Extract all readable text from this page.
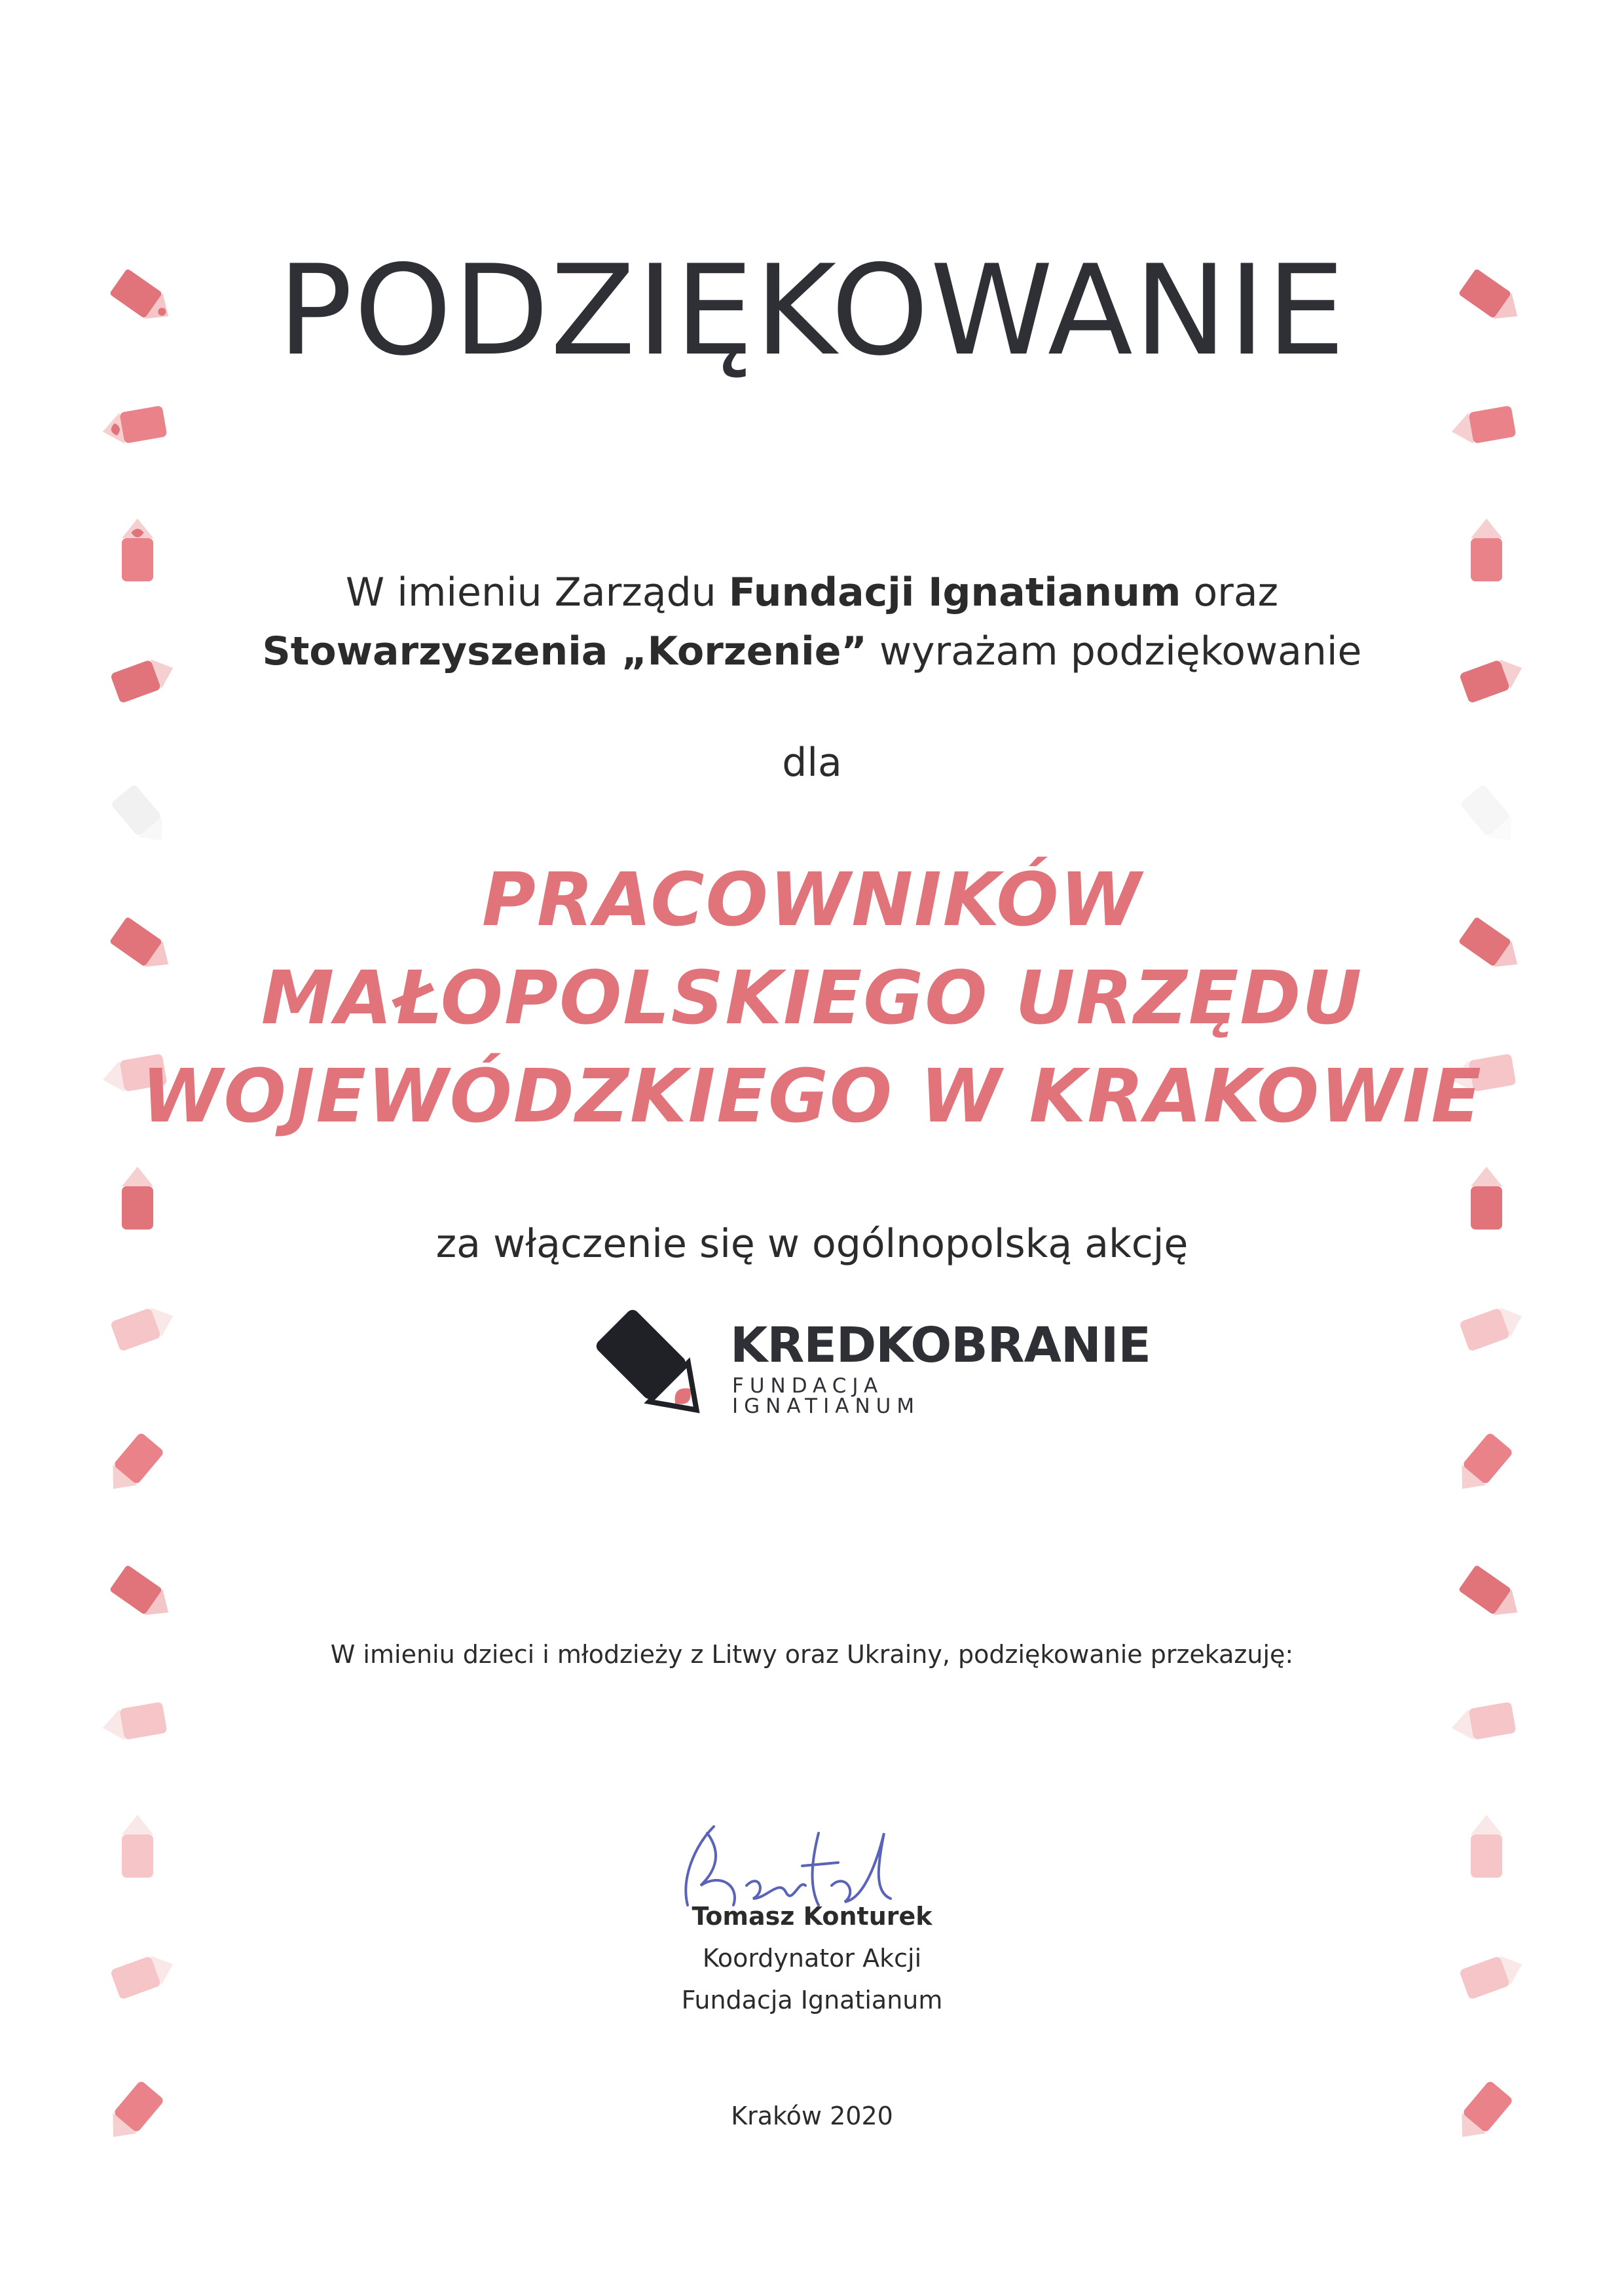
PODZIĘKOWANIE
W imieniu Zarządu Fundacji Ignatianum oraz
Stowarzyszenia „Korzenie” wyrażam podziękowanie
dla
PRACOWNIKÓW
MAŁOPOLSKIEGO URZĘDU
WOJEWÓDZKIEGO W KRAKOWIE
za włączenie się w ogólnopolską akcję
KREDKOBRANIE
FUNDACJA IGNATIANUM
W imieniu dzieci i młodzieży z Litwy oraz Ukrainy, podziękowanie przekazuję:
Tomasz Konturek
Koordynator Akcji
Fundacja Ignatianum
Kraków 2020
